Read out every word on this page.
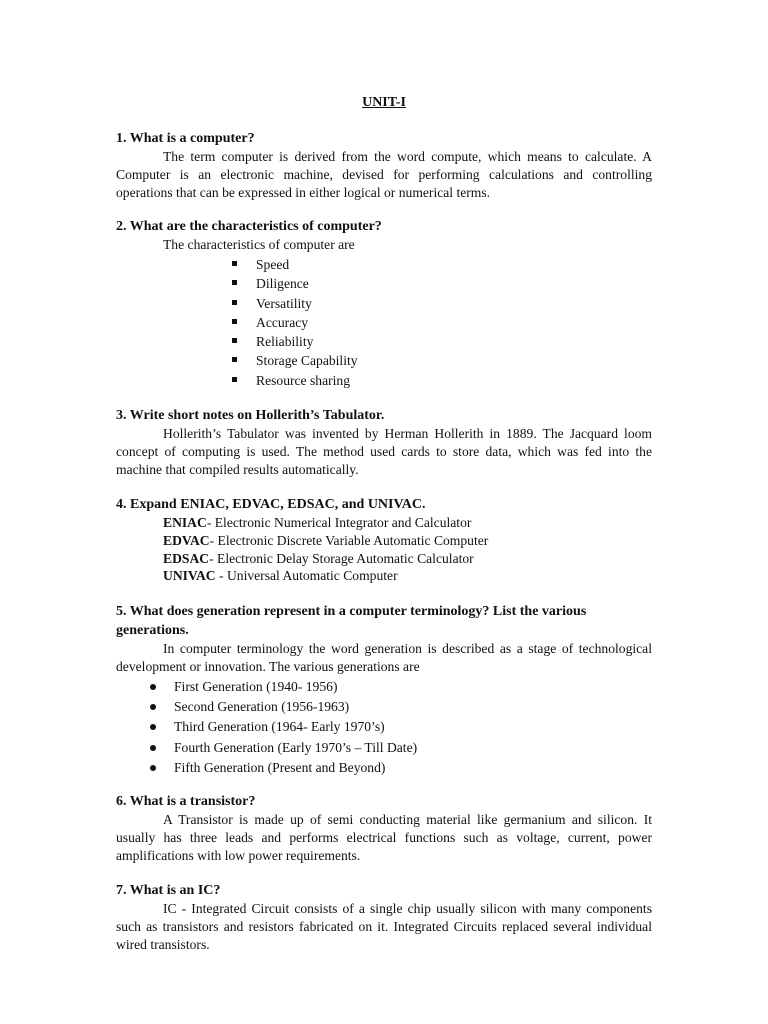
UNIT-I
1. What is a computer?
The term computer is derived from the word compute, which means to calculate. A Computer is an electronic machine, devised for performing calculations and controlling operations that can be expressed in either logical or numerical terms.
2. What are the characteristics of computer?
The characteristics of computer are
Speed
Diligence
Versatility
Accuracy
Reliability
Storage Capability
Resource sharing
3. Write short notes on Hollerith’s Tabulator.
Hollerith’s Tabulator was invented by Herman Hollerith in 1889. The Jacquard loom concept of computing is used. The method used cards to store data, which was fed into the machine that compiled results automatically.
4. Expand ENIAC, EDVAC, EDSAC, and UNIVAC.
ENIAC- Electronic Numerical Integrator and Calculator
EDVAC- Electronic Discrete Variable Automatic Computer
EDSAC- Electronic Delay Storage Automatic Calculator
UNIVAC - Universal Automatic Computer
5. What does generation represent in a computer terminology? List the various generations.
In computer terminology the word generation is described as a stage of technological development or innovation. The various generations are
First Generation (1940- 1956)
Second Generation (1956-1963)
Third Generation (1964- Early 1970’s)
Fourth Generation (Early 1970’s – Till Date)
Fifth Generation (Present and Beyond)
6. What is a transistor?
A Transistor is made up of semi conducting material like germanium and silicon. It usually has three leads and performs electrical functions such as voltage, current, power amplifications with low power requirements.
7. What is an IC?
IC - Integrated Circuit consists of a single chip usually silicon with many components such as transistors and resistors fabricated on it. Integrated Circuits replaced several individual wired transistors.
